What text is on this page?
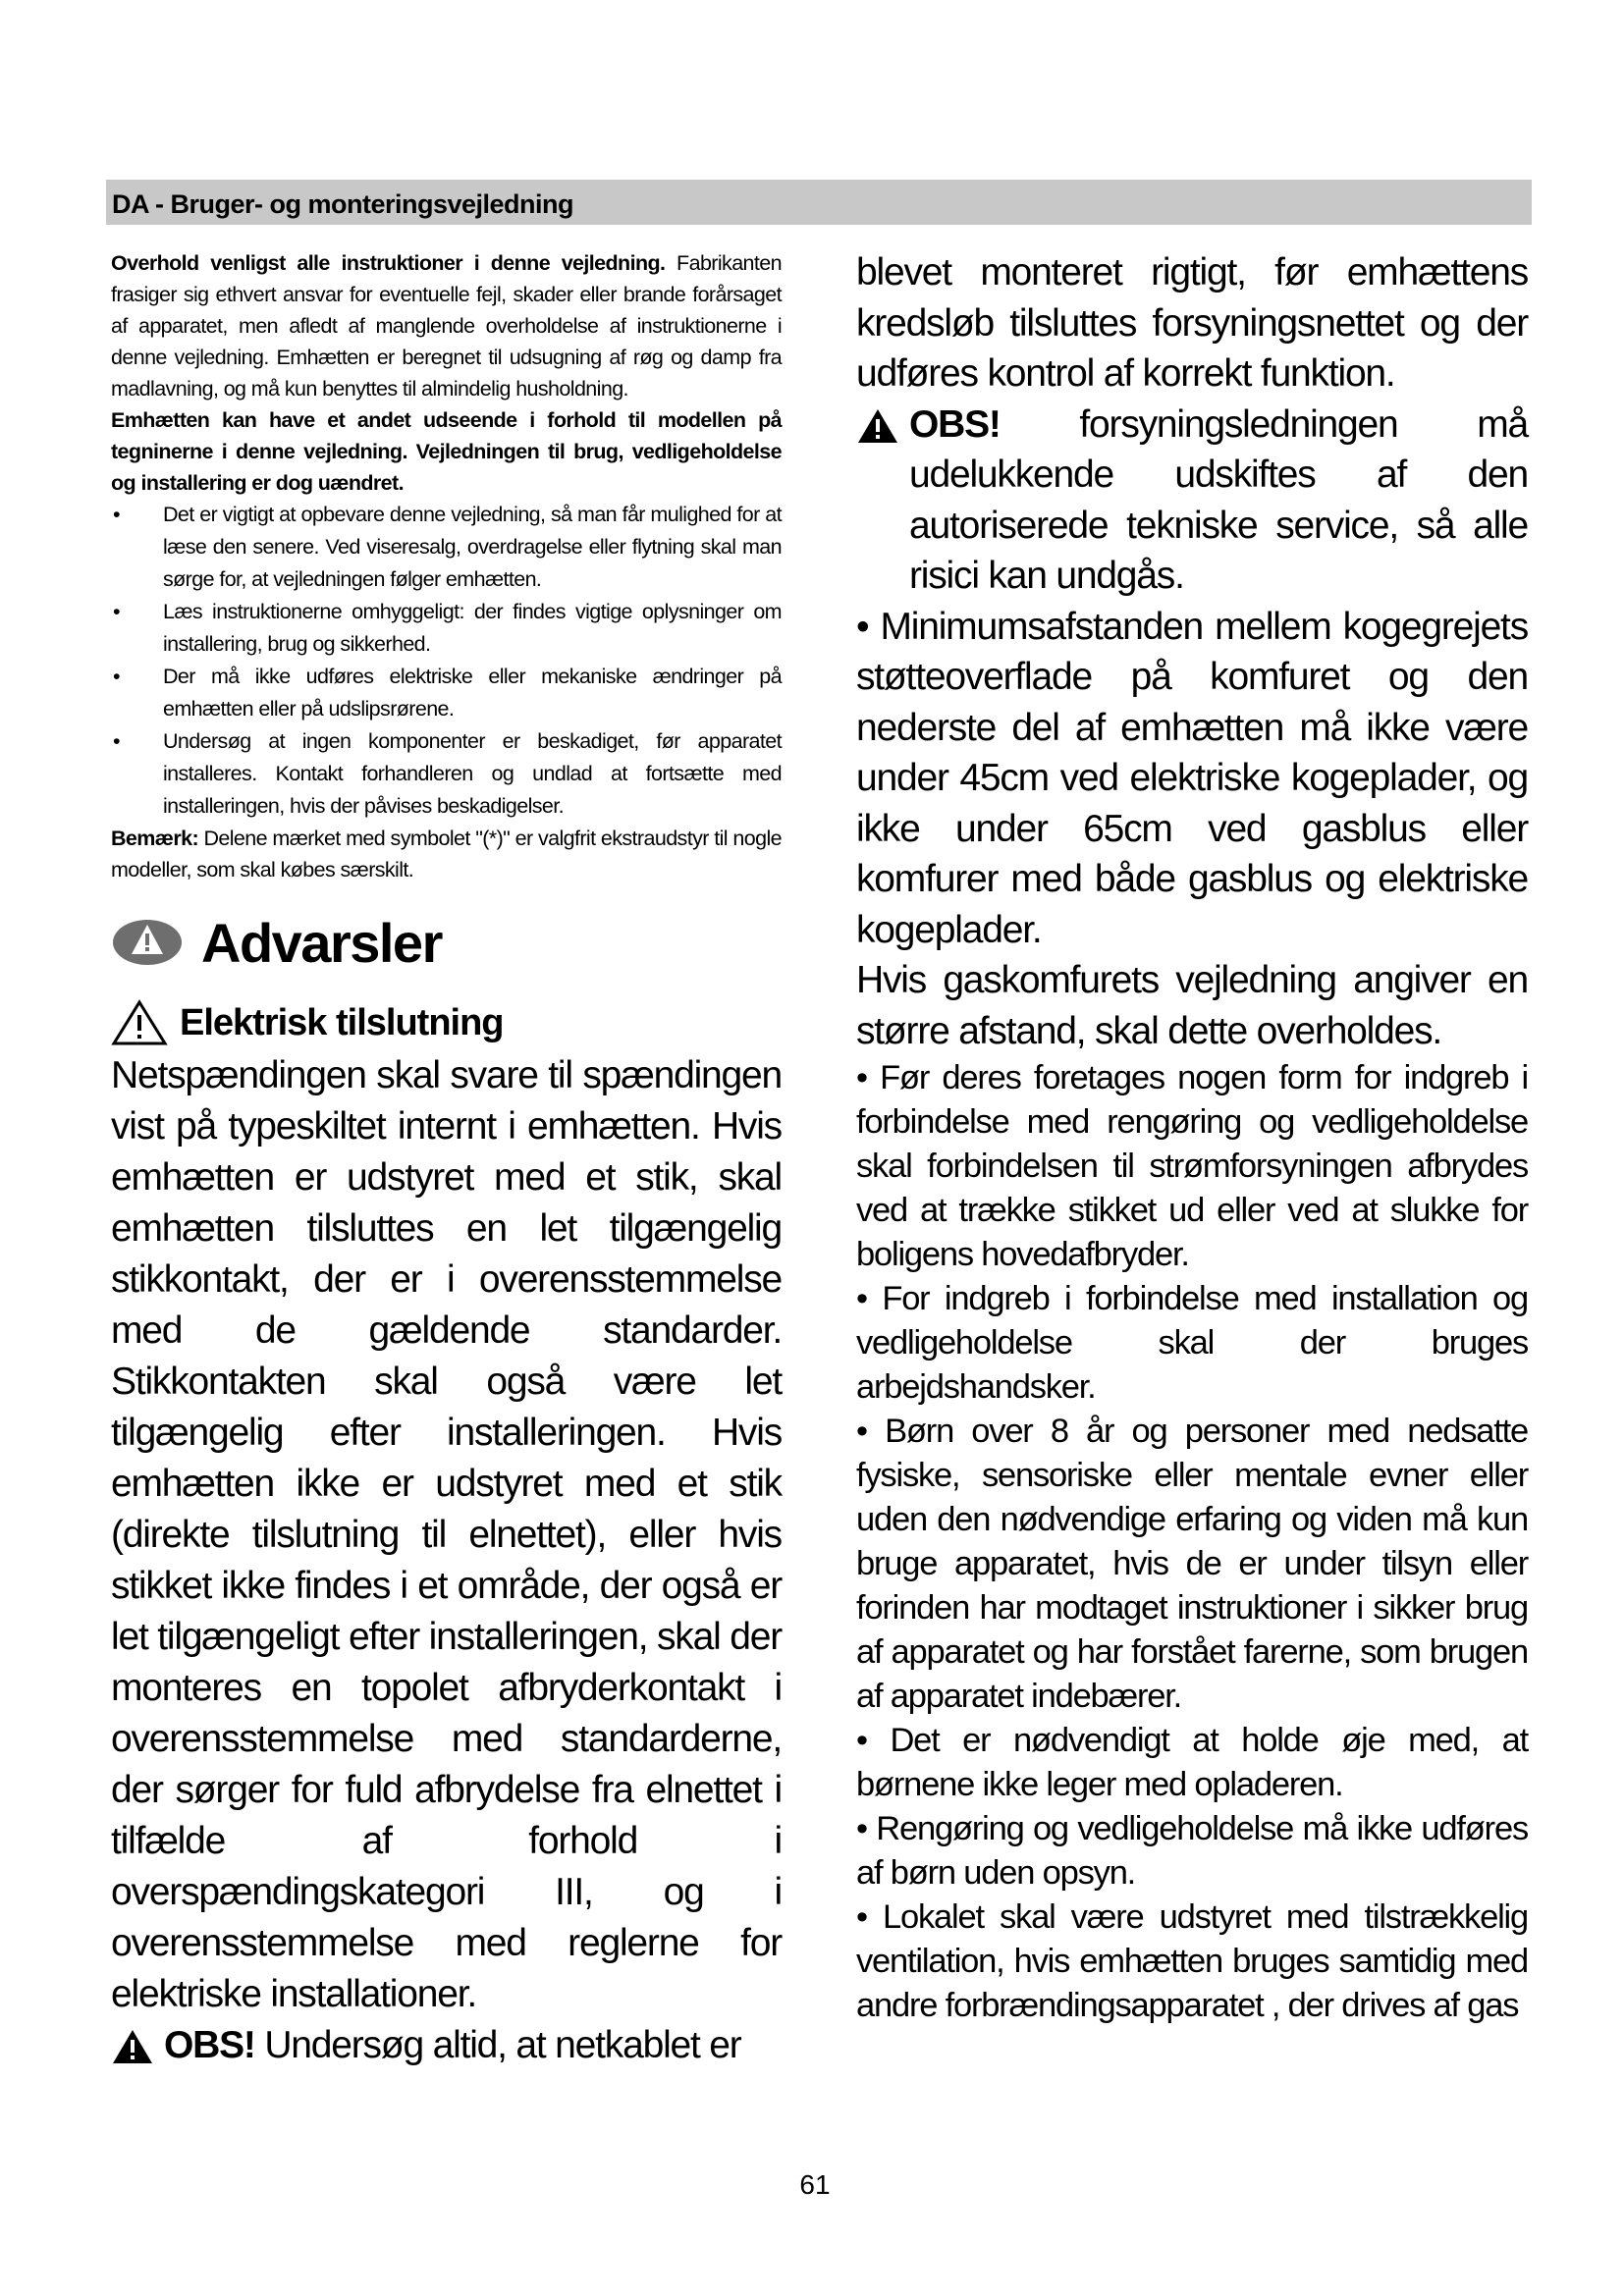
DA - Bruger- og monteringsvejledning

Overhold venligst alle instruktioner i denne vejledning. Fabrikanten frasiger sig ethvert ansvar for eventuelle fejl, skader eller brande forårsaget af apparatet, men afledt af manglende overholdelse af instruktionerne i denne vejledning. Emhætten er beregnet til udsugning af røg og damp fra madlavning, og må kun benyttes til almindelig husholdning.

Emhætten kan have et andet udseende i forhold til modellen på tegninerne i denne vejledning. Vejledningen til brug, vedligeholdelse og installering er dog uændret.

• Det er vigtigt at opbevare denne vejledning, så man får mulighed for at læse den senere. Ved viseresalg, overdragelse eller flytning skal man sørge for, at vejledningen følger emhætten.
• Læs instruktionerne omhyggeligt: der findes vigtige oplysninger om installering, brug og sikkerhed.
• Der må ikke udføres elektriske eller mekaniske ændringer på emhætten eller på udslipsrørene.
• Undersøg at ingen komponenter er beskadiget, før apparatet installeres. Kontakt forhandleren og undlad at fortsætte med installeringen, hvis der påvises beskadigelser.

Bemærk: Delene mærket med symbolet "(*)" er valgfrit ekstraudstyr til nogle modeller, som skal købes særskilt.

Advarsler
Elektrisk tilslutning

Netspændingen skal svare til spændingen vist på typeskiltet internt i emhætten. Hvis emhætten er udstyret med et stik, skal emhætten tilsluttes en let tilgængelig stikkontakt, der er i overensstemmelse med de gældende standarder. Stikkontakten skal også være let tilgængelig efter installeringen. Hvis emhætten ikke er udstyret med et stik (direkte tilslutning til elnettet), eller hvis stikket ikke findes i et område, der også er let tilgængeligt efter installeringen, skal der monteres en topolet afbryderkontakt i overensstemmelse med standarderne, der sørger for fuld afbrydelse fra elnettet i tilfælde af forhold i overspændingskategori III, og i overensstemmelse med reglerne for elektriske installationer.

OBS! Undersøg altid, at netkablet er

blevet monteret rigtigt, før emhættens kredsløb tilsluttes forsyningsnettet og der udføres kontrol af korrekt funktion.

OBS! forsyningsledningen må udelukkende udskiftes af den autoriserede tekniske service, så alle risici kan undgås.

• Minimumsafstanden mellem kogegrejets støtteoverflade på komfuret og den nederste del af emhætten må ikke være under 45cm ved elektriske kogeplader, og ikke under 65cm ved gasblus eller komfurer med både gasblus og elektriske kogeplader.

Hvis gaskomfurets vejledning angiver en større afstand, skal dette overholdes.

• Før deres foretages nogen form for indgreb i forbindelse med rengøring og vedligeholdelse skal forbindelsen til strømforsyningen afbrydes ved at trække stikket ud eller ved at slukke for boligens hovedafbryder.

• For indgreb i forbindelse med installation og vedligeholdelse skal der bruges arbejdshandsker.

• Børn over 8 år og personer med nedsatte fysiske, sensoriske eller mentale evner eller uden den nødvendige erfaring og viden må kun bruge apparatet, hvis de er under tilsyn eller forinden har modtaget instruktioner i sikker brug af apparatet og har forstået farerne, som brugen af apparatet indebærer.

• Det er nødvendigt at holde øje med, at børnene ikke leger med opladeren.

• Rengøring og vedligeholdelse må ikke udføres af børn uden opsyn.

• Lokalet skal være udstyret med tilstrækkelig ventilation, hvis emhætten bruges samtidig med andre forbrændingsapparatet , der drives af gas

61
